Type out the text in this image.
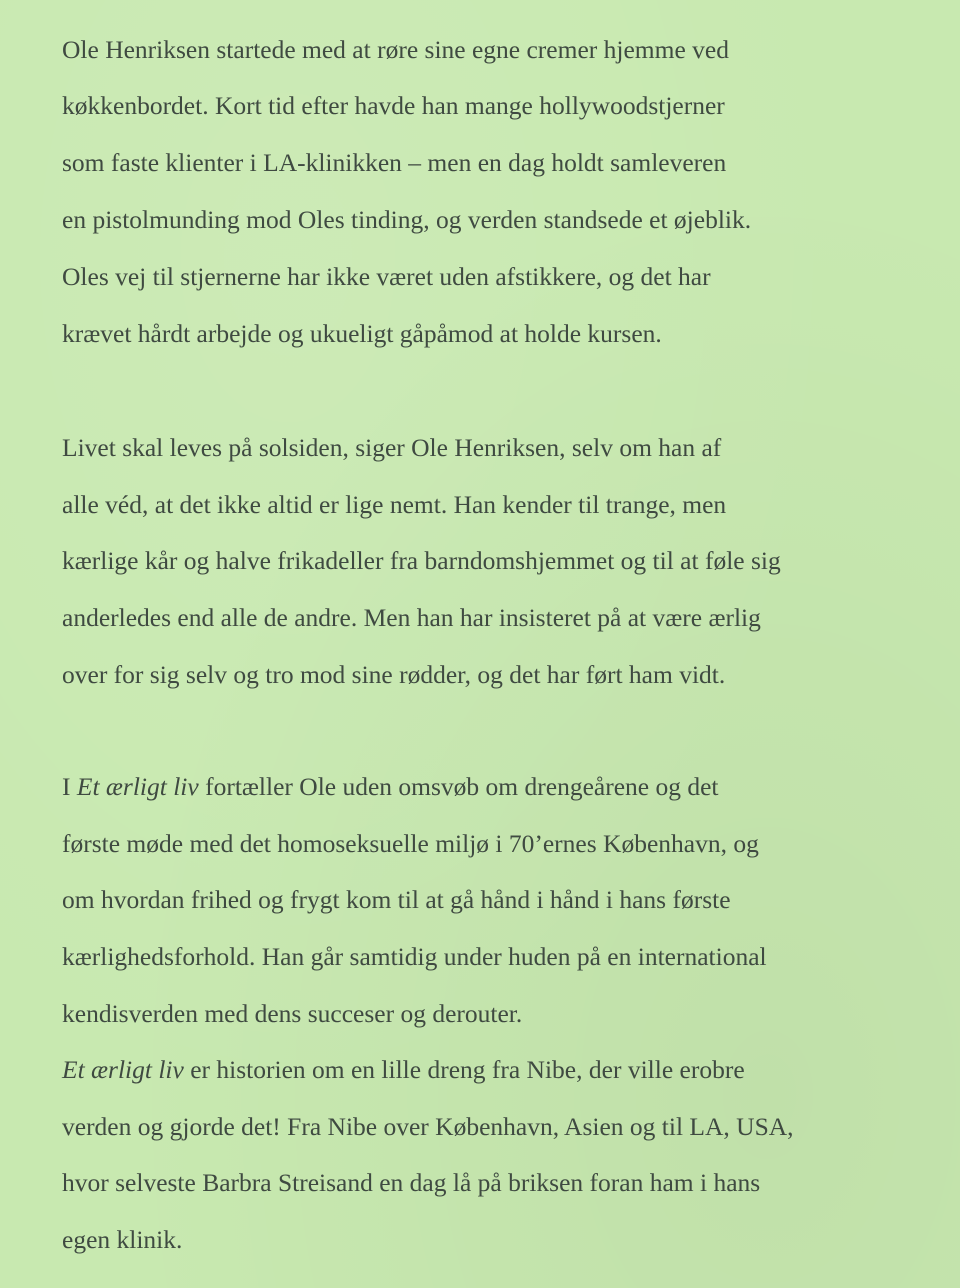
Ole Henriksen startede med at røre sine egne cremer hjemme ved
køkkenbordet. Kort tid efter havde han mange hollywoodstjerner
som faste klienter i LA-klinikken – men en dag holdt samleveren
en pistolmunding mod Oles tinding, og verden standsede et øjeblik.
Oles vej til stjernerne har ikke været uden afstikkere, og det har
krævet hårdt arbejde og ukueligt gåpåmod at holde kursen.
Livet skal leves på solsiden, siger Ole Henriksen, selv om han af
alle véd, at det ikke altid er lige nemt. Han kender til trange, men
kærlige kår og halve frikadeller fra barndomshjemmet og til at føle sig
anderledes end alle de andre. Men han har insisteret på at være ærlig
over for sig selv og tro mod sine rødder, og det har ført ham vidt.
I Et ærligt liv fortæller Ole uden omsvøb om drengeårene og det
første møde med det homoseksuelle miljø i 70’ernes København, og
om hvordan frihed og frygt kom til at gå hånd i hånd i hans første
kærlighedsforhold. Han går samtidig under huden på en international
kendisverden med dens succeser og derouter.
Et ærligt liv er historien om en lille dreng fra Nibe, der ville erobre
verden og gjorde det! Fra Nibe over København, Asien og til LA, USA,
hvor selveste Barbra Streisand en dag lå på briksen foran ham i hans
egen klinik.
